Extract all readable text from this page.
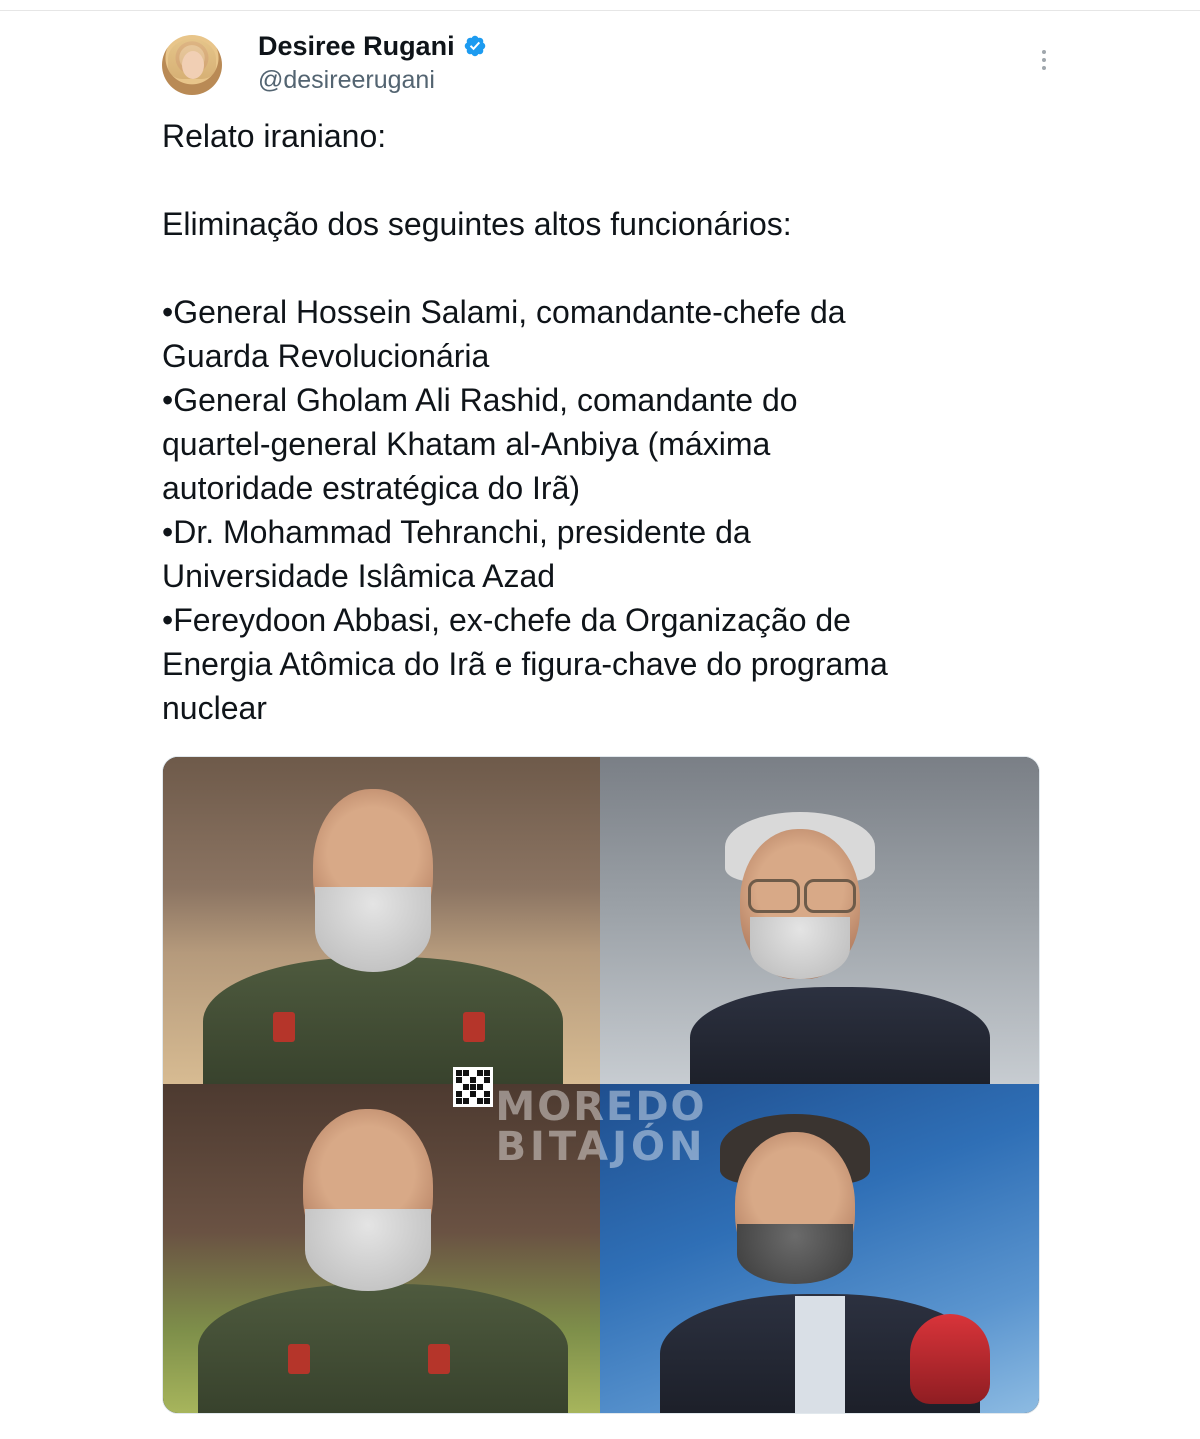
Desiree Rugani
@desireerugani

Relato iraniano:

Eliminação dos seguintes altos funcionários:

•General Hossein Salami, comandante-chefe da

Guarda Revolucionária

•General Gholam Ali Rashid, comandante do

quartel-general Khatam al-Anbiya (máxima

autoridade estratégica do Irã)

•Dr. Mohammad Tehranchi, presidente da

Universidade Islâmica Azad

•Fereydoon Abbasi, ex-chefe da Organização de

Energia Atômica do Irã e figura-chave do programa

nuclear

MOREDO
BITAJÓN
